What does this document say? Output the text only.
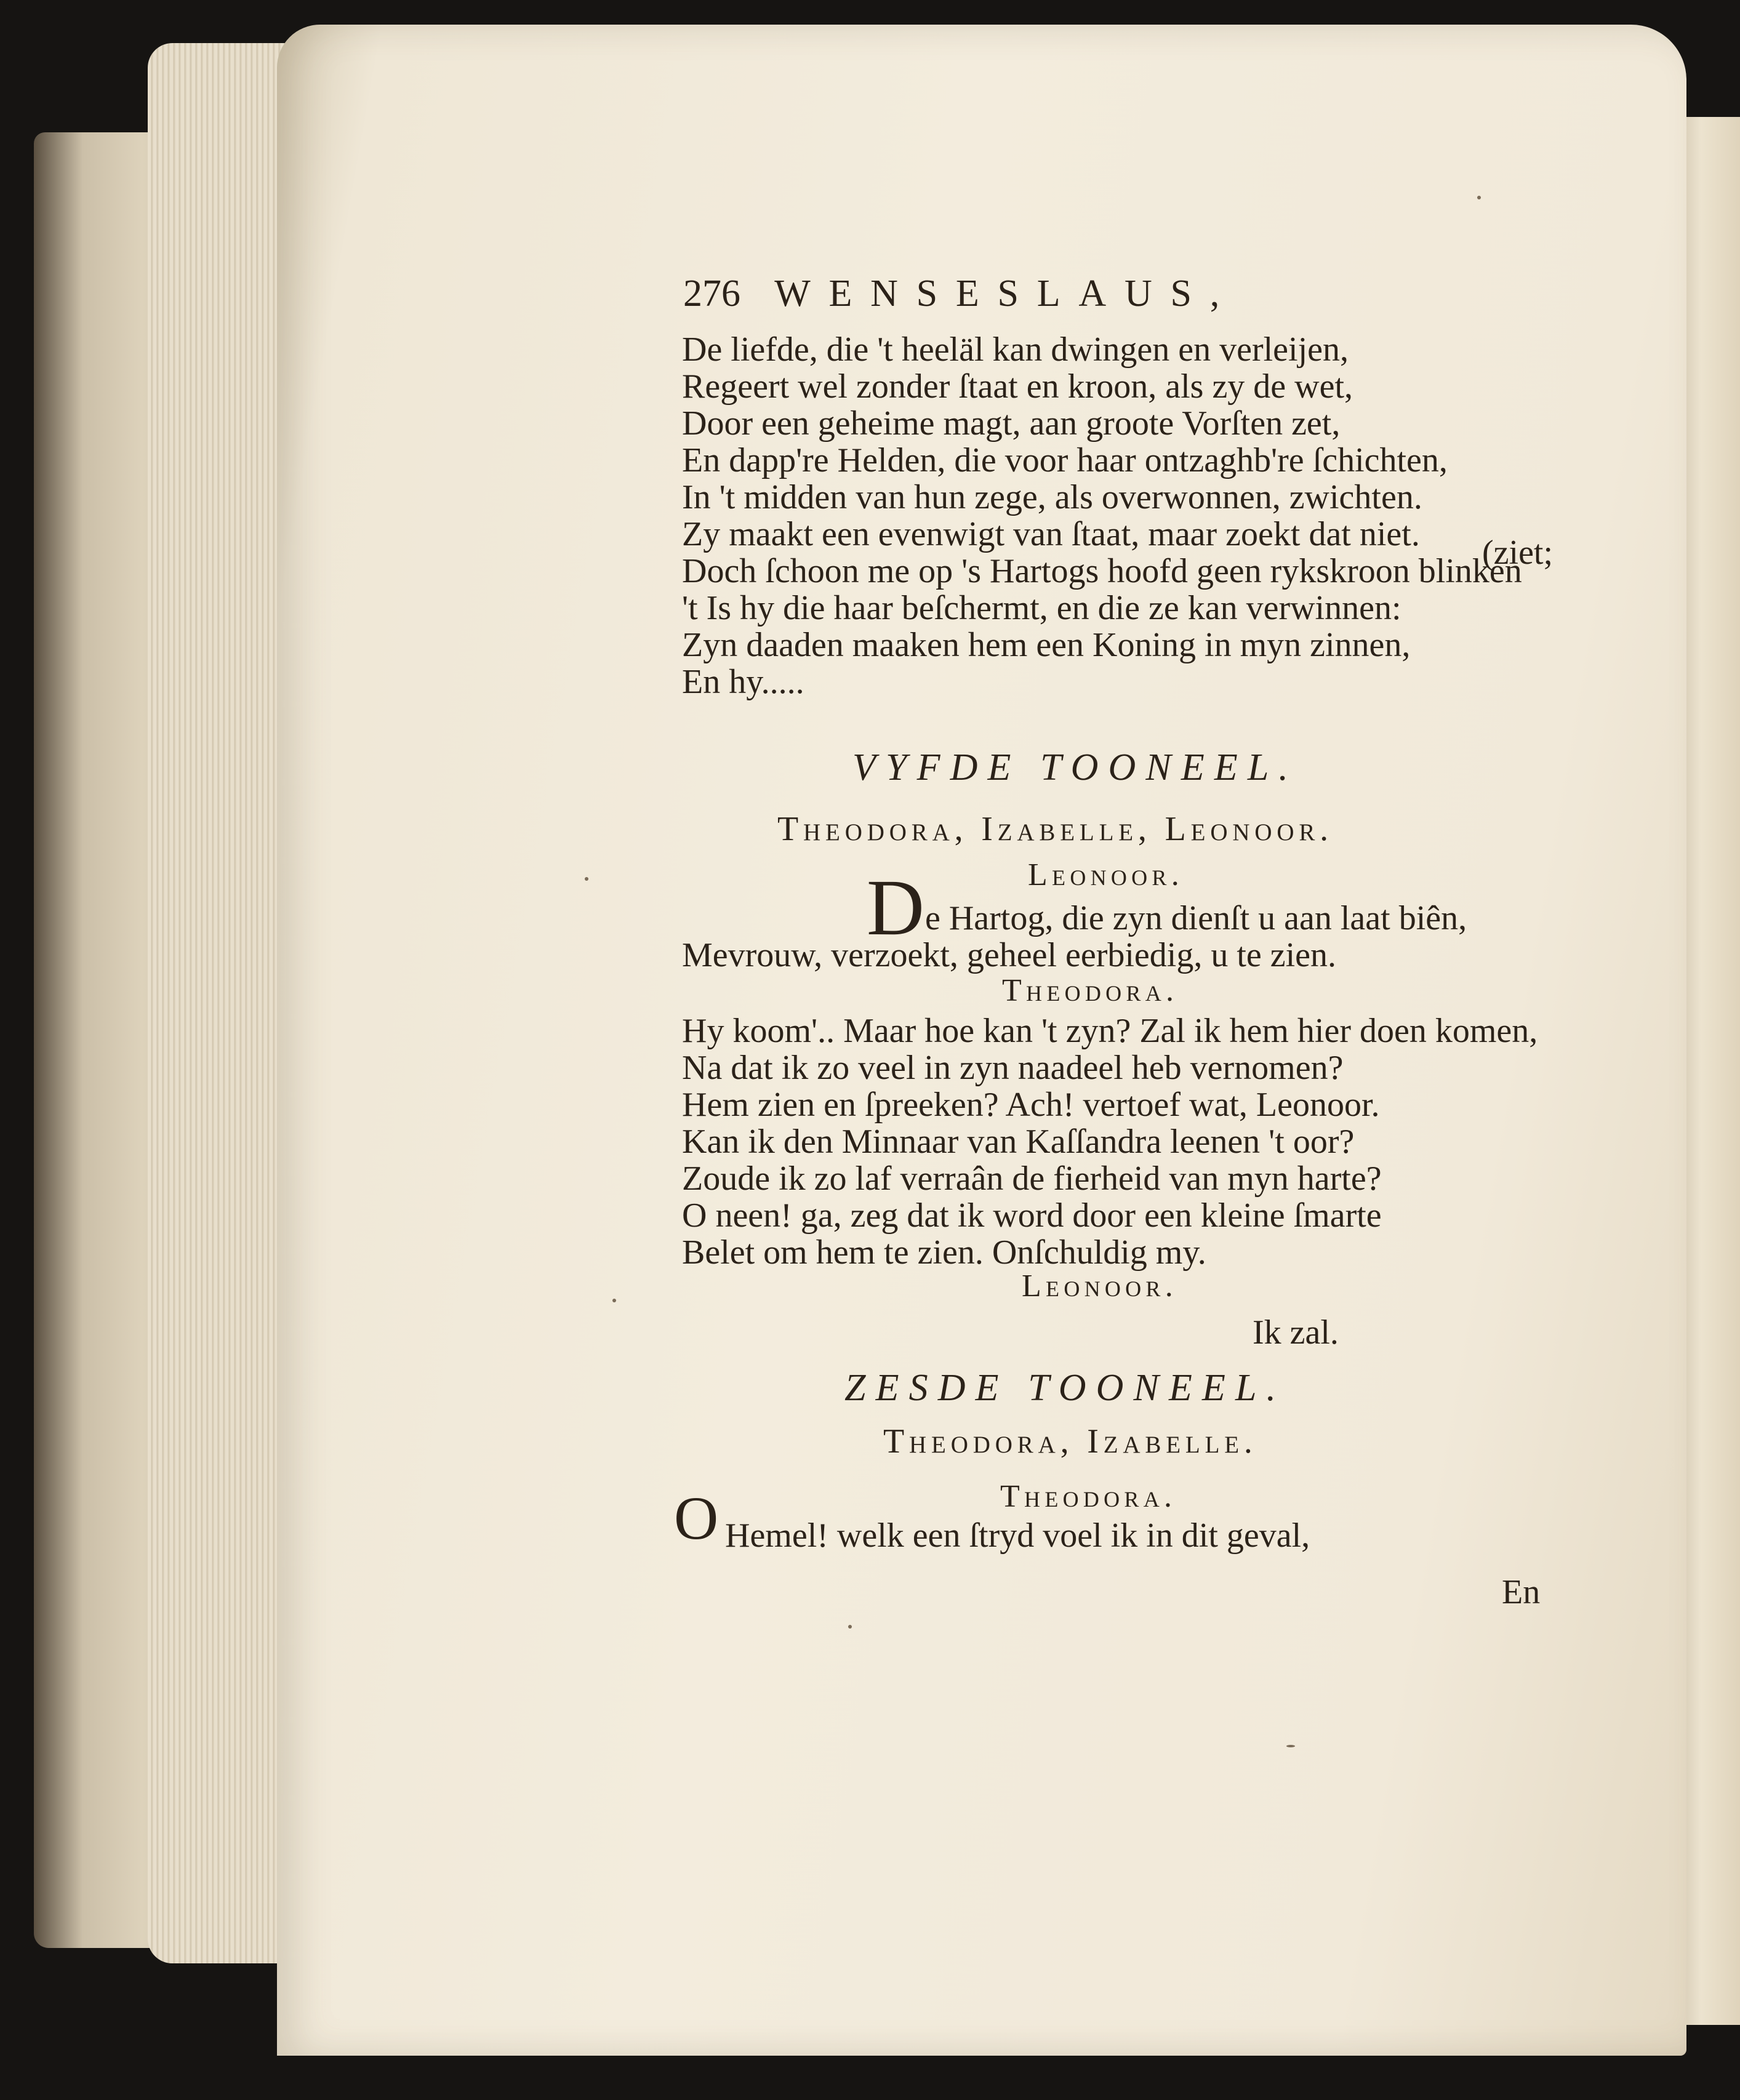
276 WENSESLAUS,
De liefde, die 't heeläl kan dwingen en verleijen,
Regeert wel zonder ſtaat en kroon, als zy de wet,
Door een geheime magt, aan groote Vorſten zet,
En dapp're Helden, die voor haar ontzaghb're ſchichten,
In 't midden van hun zege, als overwonnen, zwichten.
Zy maakt een evenwigt van ſtaat, maar zoekt dat niet.
Doch ſchoon me op 's Hartogs hoofd geen rykskroon blinken
't Is hy die haar beſchermt, en die ze kan verwinnen:
Zyn daaden maaken hem een Koning in myn zinnen,
En hy.....
(ziet;
VYFDE TOONEEL.
Theodora, Izabelle, Leonoor.
Leonoor.
D e Hartog, die zyn dienſt u aan laat biên,
Mevrouw, verzoekt, geheel eerbiedig, u te zien.
Theodora.
Hy koom'.. Maar hoe kan 't zyn? Zal ik hem hier doen komen,
Na dat ik zo veel in zyn naadeel heb vernomen?
Hem zien en ſpreeken? Ach! vertoef wat, Leonoor.
Kan ik den Minnaar van Kaſſandra leenen 't oor?
Zoude ik zo laf verraân de fierheid van myn harte?
O neen! ga, zeg dat ik word door een kleine ſmarte
Belet om hem te zien. Onſchuldig my.
Leonoor.
Ik zal.
ZESDE TOONEEL.
Theodora, Izabelle.
Theodora.
O Hemel! welk een ſtryd voel ik in dit geval,
En
